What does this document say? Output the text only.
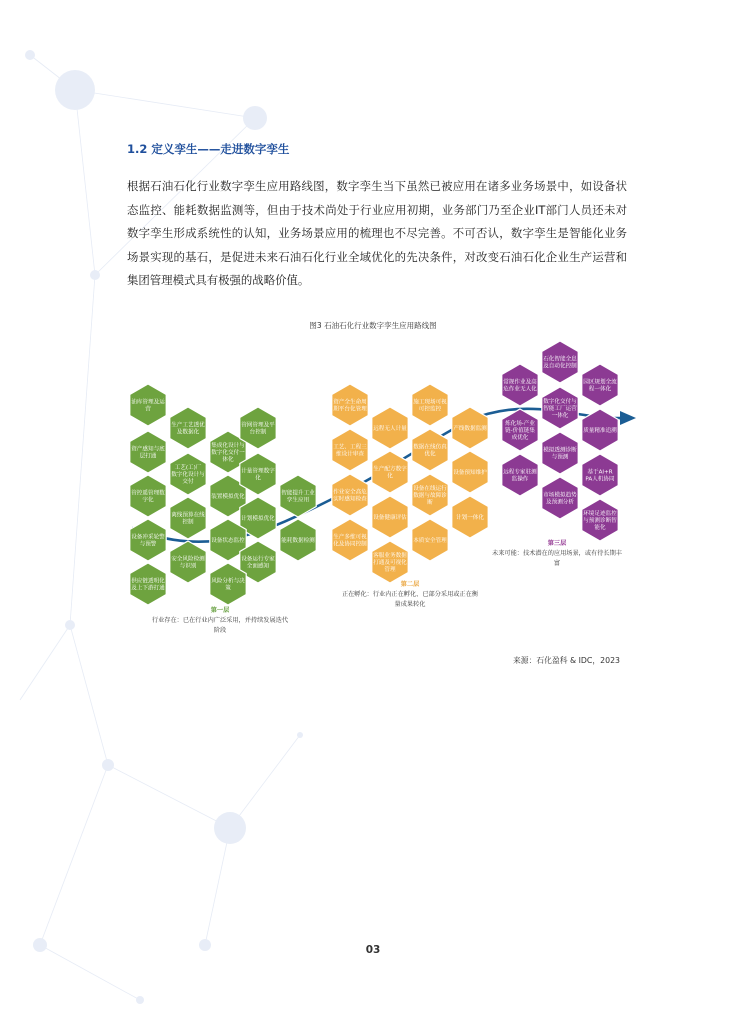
1.2 定义孪生——走进数字孪生
根据石油石化行业数字孪生应用路线图，数字孪生当下虽然已被应用在诸多业务场景中，如设备状态监控、能耗数据监测等，但由于技术尚处于行业应用初期，业务部门乃至企业IT部门人员还未对数字孪生形成系统性的认知，业务场景应用的梳理也不尽完善。不可否认，数字孪生是智能化业务场景实现的基石，是促进未来石油石化行业全域优化的先决条件，对改变石油石化企业生产运营和集团管理模式具有极强的战略价值。
图3 石油石化行业数字孪生应用路线图
油库管理及运营
生产工艺透优及数据化
资产感知与底层打通
集成化设计与数字化交付一体化
管网管理及平台控制
工艺(工)厂数字化设计与交付
管控遥管理数字化
装置模拟优化
计量管理数字化
智能提升工业孪生应用
设备冲采轮警与预警
离线预算在线控制
计划模拟优化
设备状态监控	能耗数据检测
安全风险检测与识别
设备运行专家全面感知
供应链透明化及上下游打通
风险分析与决策
资产全生命周期平台化管理
远程无人计量
施工现场可视可控监控
工艺、工程三维设计审查
产线数据监测
数据在线仿真优化
作业安全高危实时感知检查
生产配方数字化
设备预知维护
设备在线运行数据与故障诊断
生产多维可视化及协同控制
设备健康评估	计划一体化
客服业务数据打通及可视化管理
本质安全管理
石化智能全息及自动化控制
常规作业及高危作业无人化
园区规划全流程一体化
数字化交付与智能工厂运营一体化
炼化场-产业链-价值链集成优化
质量精准追溯
模拟透测诊断与预测
远程专家驻测监操作
基于AI+R PA人机协同
市场模拟趋势及预测分析
环境足迹监控与预测诊断智能化
第一层
行业存在：已在行业内广泛采用，并持续发展迭代阶段
第二层
正在孵化：行业内正在孵化、已部分采用或正在衡量成果转化
第三层
未来可能：技术潜在的应用场景，或有待长期丰富
来源：石化盈科 & IDC，2023
03
